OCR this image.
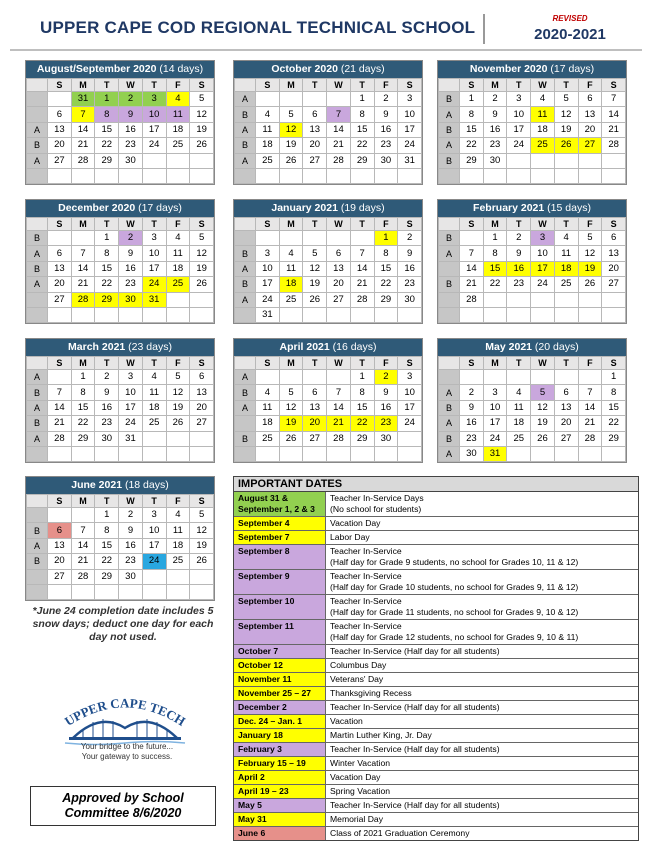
UPPER CAPE COD REGIONAL TECHNICAL SCHOOL	REVISED
2020-2021
August/September 2020 (14 days)
	S	M	T	W	T	F	S
		31	1	2	3	4	5
	6	7	8	9	10	11	12
A	13	14	15	16	17	18	19
B	20	21	22	23	24	25	26
A	27	28	29	30			

October 2020 (21 days)
	S	M	T	W	T	F	S
A					1	2	3
B	4	5	6	7	8	9	10
A	11	12	13	14	15	16	17
B	18	19	20	21	22	23	24
A	25	26	27	28	29	30	31

November 2020 (17 days)
	S	M	T	W	T	F	S
B	1	2	3	4	5	6	7
A	8	9	10	11	12	13	14
B	15	16	17	18	19	20	21
A	22	23	24	25	26	27	28
B	29	30					

December 2020 (17 days)
	S	M	T	W	T	F	S
B			1	2	3	4	5
A	6	7	8	9	10	11	12
B	13	14	15	16	17	18	19
A	20	21	22	23	24	25	26
	27	28	29	30	31		

January 2021 (19 days)
	S	M	T	W	T	F	S
						1	2
B	3	4	5	6	7	8	9
A	10	11	12	13	14	15	16
B	17	18	19	20	21	22	23
A	24	25	26	27	28	29	30
	31						
February 2021 (15 days)
	S	M	T	W	T	F	S
B		1	2	3	4	5	6
A	7	8	9	10	11	12	13
	14	15	16	17	18	19	20
B	21	22	23	24	25	26	27
	28						

March 2021 (23 days)
	S	M	T	W	T	F	S
A		1	2	3	4	5	6
B	7	8	9	10	11	12	13
A	14	15	16	17	18	19	20
B	21	22	23	24	25	26	27
A	28	29	30	31			

April 2021 (16 days)
	S	M	T	W	T	F	S
A					1	2	3
B	4	5	6	7	8	9	10
A	11	12	13	14	15	16	17
	18	19	20	21	22	23	24
B	25	26	27	28	29	30	

May 2021 (20 days)
	S	M	T	W	T	F	S
							1
A	2	3	4	5	6	7	8
B	9	10	11	12	13	14	15
A	16	17	18	19	20	21	22
B	23	24	25	26	27	28	29
A	30	31					
June 2021 (18 days)
	S	M	T	W	T	F	S
			1	2	3	4	5
B	6	7	8	9	10	11	12
A	13	14	15	16	17	18	19
B	20	21	22	23	24	25	26
	27	28	29	30			

*June 24 completion date includes 5 snow days; deduct one day for each day not used.
UPPER CAPE TECH
Your bridge to the future...
Your gateway to success.
Approved by School
Committee 8/6/2020
IMPORTANT DATES
August 31 & September 1, 2 & 3
Teacher In-Service Days
(No school for students)
September 4	Vacation Day
September 7	Labor Day
September 8	Teacher In-Service
(Half day for Grade 9 students, no school for Grades 10, 11 & 12)
September 9	Teacher In-Service
(Half day for Grade 10 students, no school for Grades 9, 11 & 12)
September 10	Teacher In-Service
(Half day for Grade 11 students, no school for Grades 9, 10 & 12)
September 11	Teacher In-Service
(Half day for Grade 12 students, no school for Grades 9, 10 & 11)
October 7	Teacher In-Service (Half day for all students)
October 12	Columbus Day
November 11	Veterans' Day
November 25 – 27	Thanksgiving Recess
December 2	Teacher In-Service (Half day for all students)
Dec. 24 – Jan. 1	Vacation
January 18	Martin Luther King, Jr. Day
February 3	Teacher In-Service (Half day for all students)
February 15 – 19	Winter Vacation
April 2	Vacation Day
April 19 – 23	Spring Vacation
May 5	Teacher In-Service (Half day for all students)
May 31	Memorial Day
June 6	Class of 2021 Graduation Ceremony
